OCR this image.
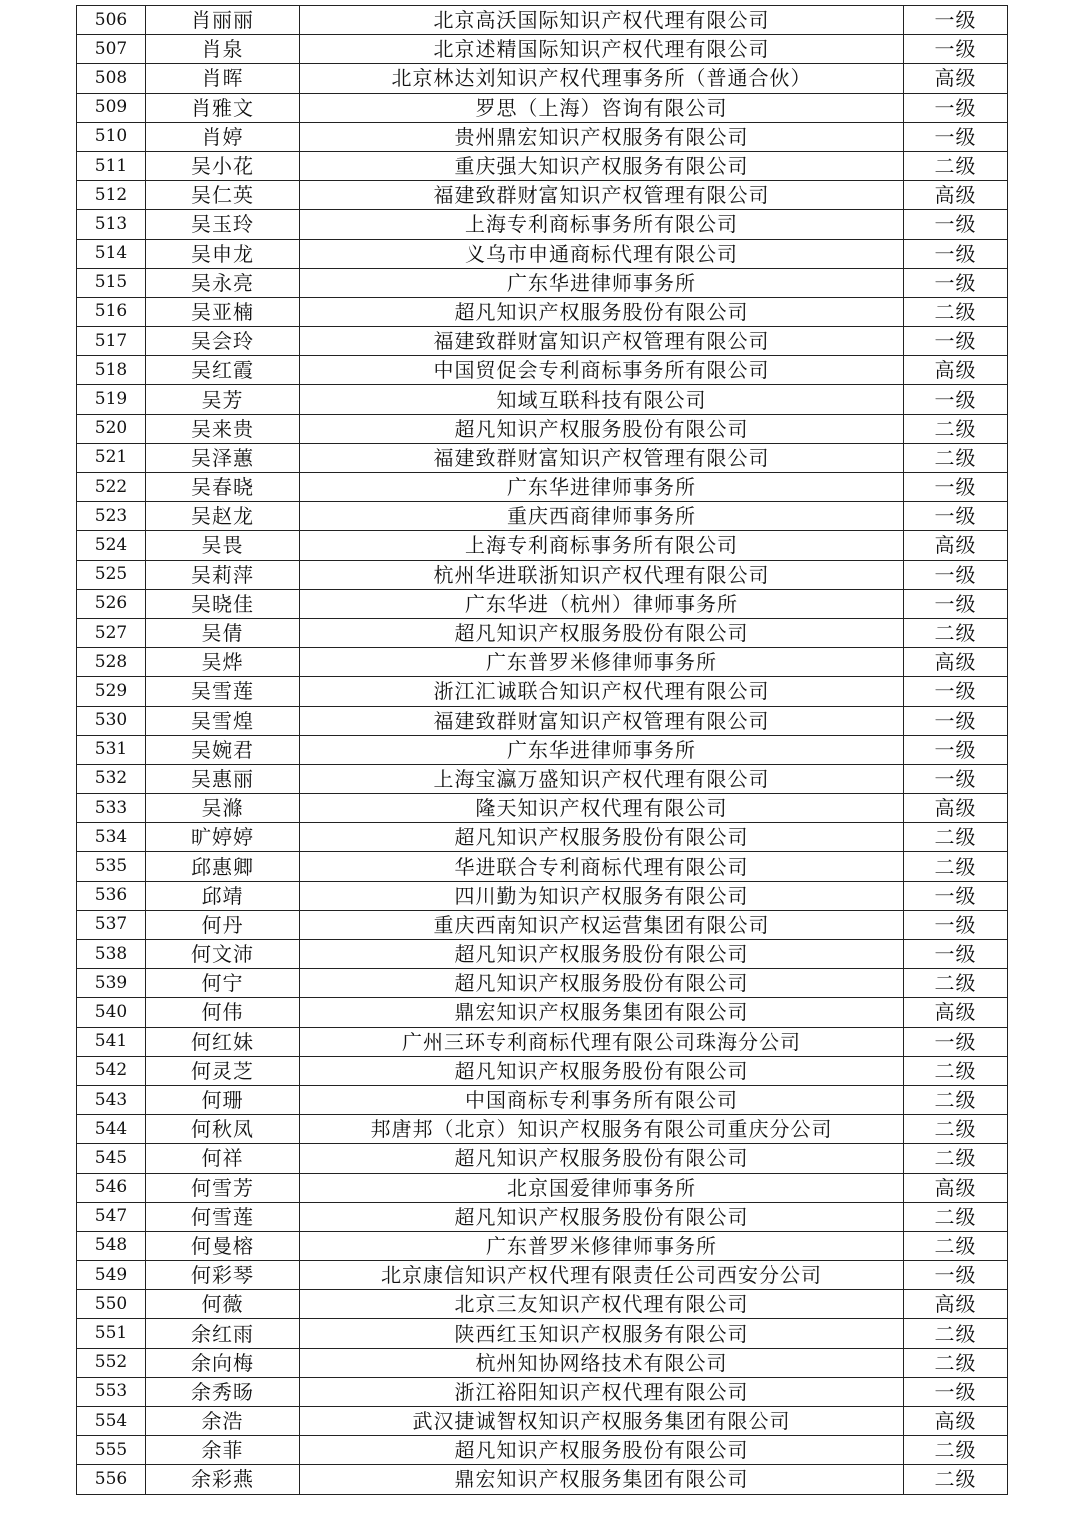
506	肖丽丽	北京高沃国际知识产权代理有限公司	一级
507	肖泉	北京述精国际知识产权代理有限公司	一级
508	肖晖	北京林达刘知识产权代理事务所（普通合伙）	高级
509	肖雅文	罗思（上海）咨询有限公司	一级
510	肖婷	贵州鼎宏知识产权服务有限公司	一级
511	吴小花	重庆强大知识产权服务有限公司	二级
512	吴仁英	福建致群财富知识产权管理有限公司	高级
513	吴玉玲	上海专利商标事务所有限公司	一级
514	吴申龙	义乌市申通商标代理有限公司	一级
515	吴永亮	广东华进律师事务所	一级
516	吴亚楠	超凡知识产权服务股份有限公司	二级
517	吴会玲	福建致群财富知识产权管理有限公司	一级
518	吴红霞	中国贸促会专利商标事务所有限公司	高级
519	吴芳	知域互联科技有限公司	一级
520	吴来贵	超凡知识产权服务股份有限公司	二级
521	吴泽蕙	福建致群财富知识产权管理有限公司	二级
522	吴春晓	广东华进律师事务所	一级
523	吴赵龙	重庆西商律师事务所	一级
524	吴畏	上海专利商标事务所有限公司	高级
525	吴莉萍	杭州华进联浙知识产权代理有限公司	一级
526	吴晓佳	广东华进（杭州）律师事务所	一级
527	吴倩	超凡知识产权服务股份有限公司	二级
528	吴烨	广东普罗米修律师事务所	高级
529	吴雪莲	浙江汇诚联合知识产权代理有限公司	一级
530	吴雪煌	福建致群财富知识产权管理有限公司	一级
531	吴婉君	广东华进律师事务所	一级
532	吴惠丽	上海宝瀛万盛知识产权代理有限公司	一级
533	吴滌	隆天知识产权代理有限公司	高级
534	旷婷婷	超凡知识产权服务股份有限公司	二级
535	邱惠卿	华进联合专利商标代理有限公司	二级
536	邱靖	四川勤为知识产权服务有限公司	一级
537	何丹	重庆西南知识产权运营集团有限公司	一级
538	何文沛	超凡知识产权服务股份有限公司	一级
539	何宁	超凡知识产权服务股份有限公司	二级
540	何伟	鼎宏知识产权服务集团有限公司	高级
541	何红妹	广州三环专利商标代理有限公司珠海分公司	一级
542	何灵芝	超凡知识产权服务股份有限公司	二级
543	何珊	中国商标专利事务所有限公司	二级
544	何秋凤	邦唐邦（北京）知识产权服务有限公司重庆分公司	二级
545	何祥	超凡知识产权服务股份有限公司	二级
546	何雪芳	北京国爱律师事务所	高级
547	何雪莲	超凡知识产权服务股份有限公司	二级
548	何曼榕	广东普罗米修律师事务所	二级
549	何彩琴	北京康信知识产权代理有限责任公司西安分公司	一级
550	何薇	北京三友知识产权代理有限公司	高级
551	余红雨	陕西红玉知识产权服务有限公司	二级
552	余向梅	杭州知协网络技术有限公司	二级
553	余秀旸	浙江裕阳知识产权代理有限公司	一级
554	余浩	武汉捷诚智权知识产权服务集团有限公司	高级
555	余菲	超凡知识产权服务股份有限公司	二级
556	余彩燕	鼎宏知识产权服务集团有限公司	二级
